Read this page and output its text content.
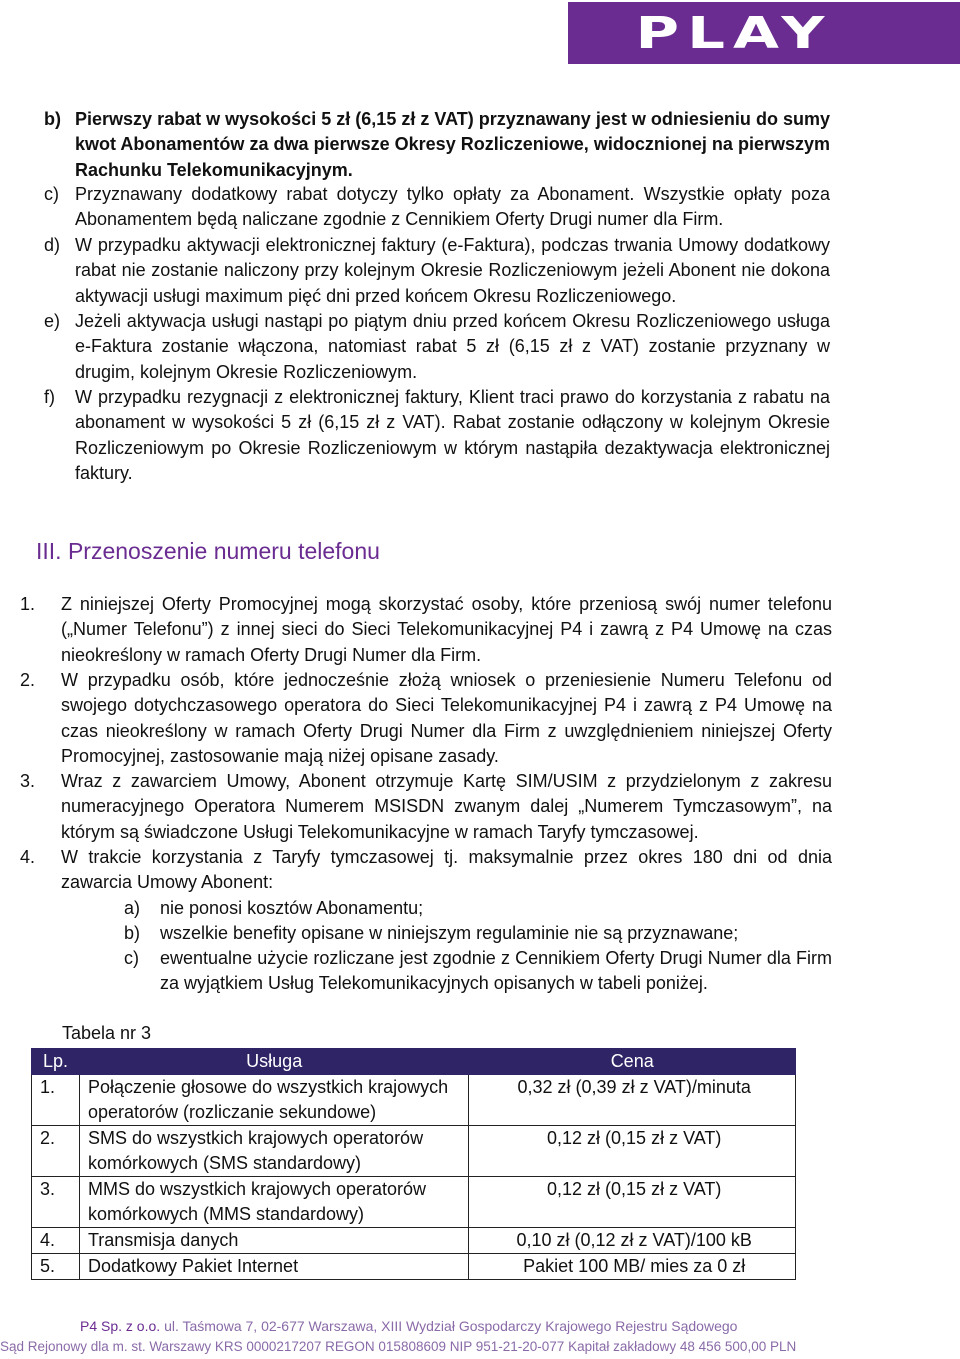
PLAY
b) Pierwszy rabat w wysokości 5 zł (6,15 zł z VAT) przyznawany jest w odniesieniu do sumy kwot Abonamentów za dwa pierwsze Okresy Rozliczeniowe, widocznionej na pierwszym Rachunku Telekomunikacyjnym.
c) Przyznawany dodatkowy rabat dotyczy tylko opłaty za Abonament. Wszystkie opłaty poza Abonamentem będą naliczane zgodnie z Cennikiem Oferty Drugi numer dla Firm.
d) W przypadku aktywacji elektronicznej faktury (e-Faktura), podczas trwania Umowy dodatkowy rabat nie zostanie naliczony przy kolejnym Okresie Rozliczeniowym jeżeli Abonent nie dokona aktywacji usługi maximum pięć dni przed końcem Okresu Rozliczeniowego.
e) Jeżeli aktywacja usługi nastąpi po piątym dniu przed końcem Okresu Rozliczeniowego usługa e-Faktura zostanie włączona, natomiast rabat 5 zł (6,15 zł z VAT) zostanie przyznany w drugim, kolejnym Okresie Rozliczeniowym.
f) W przypadku rezygnacji z elektronicznej faktury, Klient traci prawo do korzystania z rabatu na abonament w wysokości 5 zł (6,15 zł z VAT). Rabat zostanie odłączony w kolejnym Okresie Rozliczeniowym po Okresie Rozliczeniowym w którym nastąpiła dezaktywacja elektronicznej faktury.
III. Przenoszenie numeru telefonu
1. Z niniejszej Oferty Promocyjnej mogą skorzystać osoby, które przeniosą swój numer telefonu („Numer Telefonu”) z innej sieci do Sieci Telekomunikacyjnej P4 i zawrą z P4 Umowę na czas nieokreślony w ramach Oferty Drugi Numer dla Firm.
2. W przypadku osób, które jednocześnie złożą wniosek o przeniesienie Numeru Telefonu od swojego dotychczasowego operatora do Sieci Telekomunikacyjnej P4 i zawrą z P4 Umowę na czas nieokreślony w ramach Oferty Drugi Numer dla Firm z uwzględnieniem niniejszej Oferty Promocyjnej, zastosowanie mają niżej opisane zasady.
3. Wraz z zawarciem Umowy, Abonent otrzymuje Kartę SIM/USIM z przydzielonym z zakresu numeracyjnego Operatora Numerem MSISDN zwanym dalej „Numerem Tymczasowym”, na którym są świadczone Usługi Telekomunikacyjne w ramach Taryfy tymczasowej.
4. W trakcie korzystania z Taryfy tymczasowej tj. maksymalnie przez okres 180 dni od dnia zawarcia Umowy Abonent:
a) nie ponosi kosztów Abonamentu;
b) wszelkie benefity opisane w niniejszym regulaminie nie są przyznawane;
c) ewentualne użycie rozliczane jest zgodnie z Cennikiem Oferty Drugi Numer dla Firm za wyjątkiem Usług Telekomunikacyjnych opisanych w tabeli poniżej.
Tabela nr 3
Lp.	Usługa	Cena
1.	Połączenie głosowe do wszystkich krajowych operatorów (rozliczanie sekundowe)	0,32 zł (0,39 zł z VAT)/minuta
2.	SMS do wszystkich krajowych operatorów komórkowych (SMS standardowy)	0,12 zł (0,15 zł z VAT)
3.	MMS do wszystkich krajowych operatorów komórkowych (MMS standardowy)	0,12 zł (0,15 zł z VAT)
4.	Transmisja danych	0,10 zł (0,12 zł z VAT)/100 kB
5.	Dodatkowy Pakiet Internet	Pakiet 100 MB/ mies za 0 zł
P4 Sp. z o.o. ul. Taśmowa 7, 02-677 Warszawa, XIII Wydział Gospodarczy Krajowego Rejestru Sądowego
Sąd Rejonowy dla m. st. Warszawy KRS 0000217207 REGON 015808609 NIP 951-21-20-077 Kapitał zakładowy 48 456 500,00 PLN
